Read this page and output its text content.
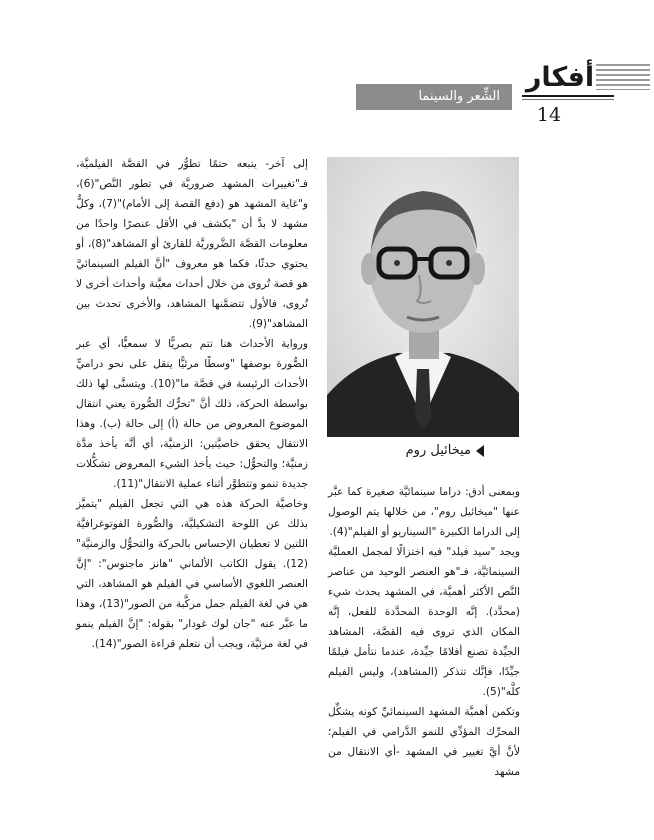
أفكار
الشِّعر والسينما
14
ميخائيل روم

وبمعنى أدق: دراما سينمائيَّة صغيرة كما عبَّر عنها "ميخائيل روم"، من خلالها يتم الوصول إلى الدراما الكبيرة "السيناريو أو الفيلم"(4).

ويجد "سيد فيلد" فيه اختزالًا لمجمل العمليَّة السينمائيَّة، فـ"هو العنصر الوحيد من عناصر النَّص الأكثر أهميَّة، في المشهد يحدث شيء (محدَّد). إنَّه الوحدة المحدَّدة للفعل، إنَّه المكان الذي تروى فيه القصَّة، المشاهد الجيِّدة تصنع أفلامًا جيِّدة، عندما نتأمل فيلمًا جيِّدًا، فإنَّك تتذكر (المشاهد)، وليس الفيلم كلَّه"(5).

وتكمن أهميَّة المشهد السينمائيِّ كونه يشكِّل المحرِّك المؤدِّي للنمو الدَّرامي في الفيلم؛ لأنَّ أيَّ تغيير في المشهد -أي الانتقال من مشهد

إلى آخر- يتبعه حتمًا تطوُّر في القصَّة الفيلميَّة، فـ"تغييرات المشهد ضروريَّة في تطور النَّص"(6)، و"غاية المشهد هو (دفع القصة إلى الأمام)"(7)، وكلُّ مشهد لا بدَّ أن "يكشف في الأقل عنصرًا واحدًا من معلومات القصَّة الضَّروريَّة للقارئ أو المشاهد"(8)، أو يحتوي حدثًا، فكما هو معروف "أنَّ الفيلم السينمائيَّ هو قصة تُروى من خلال أحداث معيَّنة وأحداث أخرى لا تُروى، فالأول تتضمَّنها المشاهد، والأخرى تحدث بين المشاهد"(9).

ورواية الأحداث هنا تتم بصريًّا لا سمعيًّا، أي عبر الصُّورة بوصفها "وسطًا مرئيًّا ينقل على نحو دراميٍّ الأحداث الرئيسة في قصَّة ما"(10). ويتسنَّى لها ذلك بواسطة الحركة، ذلك أنَّ "تحرُّك الصُّورة يعني انتقال الموضوع المعروض من حالة (أ) إلى حالة (ب). وهذا الانتقال يحقق خاصيَّتين: الزمنيَّة، أي أنَّه يأخذ مدَّة زمنيَّة؛ والتحوُّل: حيث يأخذ الشيء المعروض تشكُّلات جديدة تنمو وتتطوَّر أثناء عملية الانتقال"(11).

وخاصيَّة الحركة هذه هي التي تجعل الفيلم "يتميَّز بذلك عن اللوحة التشكيليَّة، والصُّورة الفوتوغرافيَّة اللتين لا تعطيان الإحساس بالحركة والتحوُّل والزمنيَّة"(12). يقول الكاتب الألماني "هانز ماجنوس": "إنَّ العنصر اللغوي الأساسي في الفيلم هو المشاهد، التي هي في لغة الفيلم جمل مركَّبة من الصور"(13)، وهذا ما عبَّر عنه "جان لوك غودار" بقوله: "إنَّ الفيلم ينمو في لغة مرئيَّة، ويجب أن نتعلم قراءة الصور"(14).
